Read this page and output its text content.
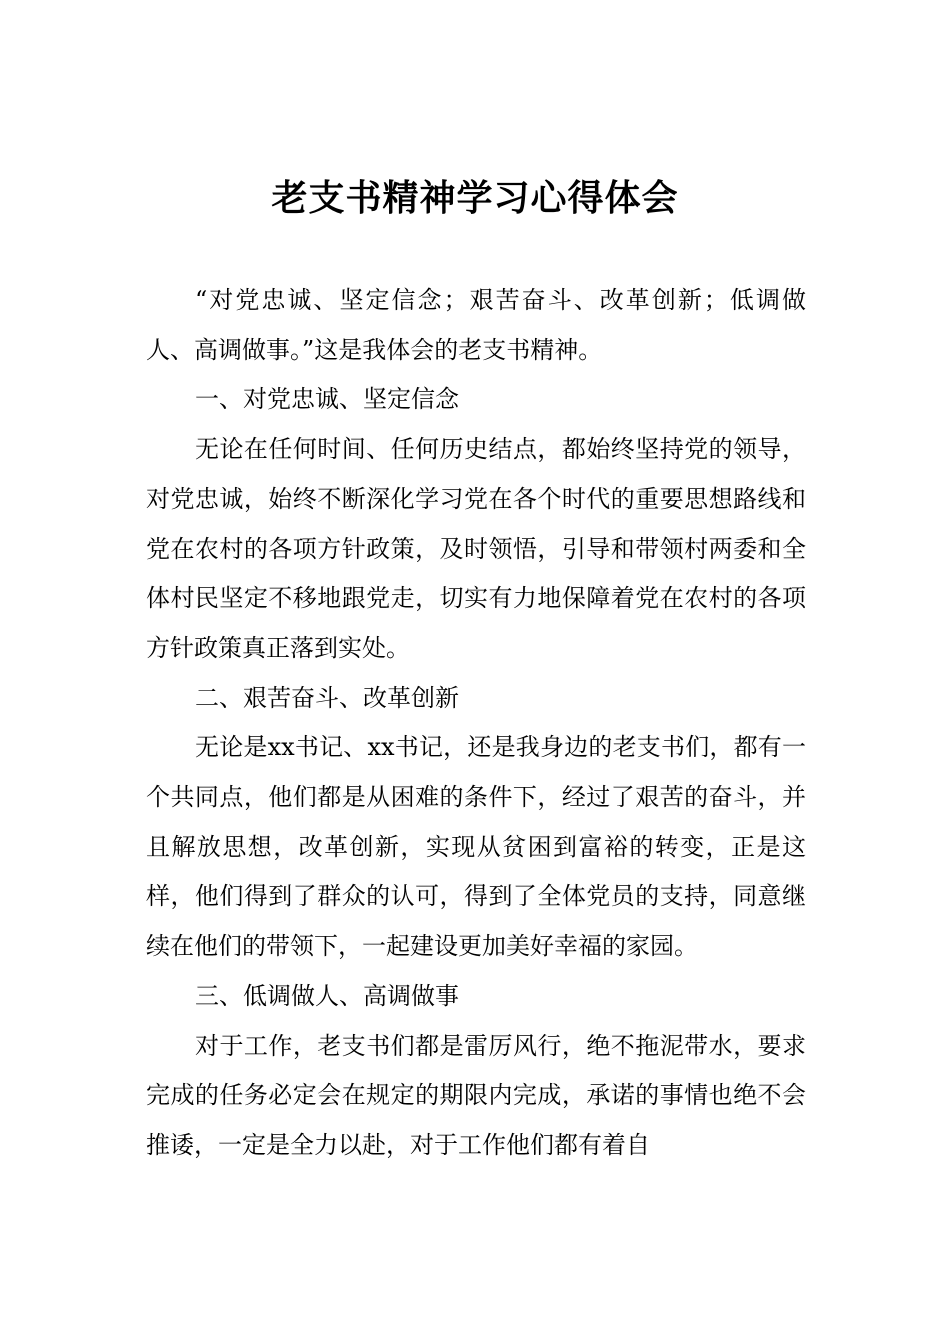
老支书精神学习心得体会

“对党忠诚、坚定信念；艰苦奋斗、改革创新；低调做人、高调做事。”这是我体会的老支书精神。

一、对党忠诚、坚定信念

无论在任何时间、任何历史结点，都始终坚持党的领导，对党忠诚，始终不断深化学习党在各个时代的重要思想路线和党在农村的各项方针政策，及时领悟，引导和带领村两委和全体村民坚定不移地跟党走，切实有力地保障着党在农村的各项方针政策真正落到实处。

二、艰苦奋斗、改革创新

无论是xx书记、xx书记，还是我身边的老支书们，都有一个共同点，他们都是从困难的条件下，经过了艰苦的奋斗，并且解放思想，改革创新，实现从贫困到富裕的转变，正是这样，他们得到了群众的认可，得到了全体党员的支持，同意继续在他们的带领下，一起建设更加美好幸福的家园。

三、低调做人、高调做事

对于工作，老支书们都是雷厉风行，绝不拖泥带水，要求完成的任务必定会在规定的期限内完成，承诺的事情也绝不会推诿，一定是全力以赴，对于工作他们都有着自
